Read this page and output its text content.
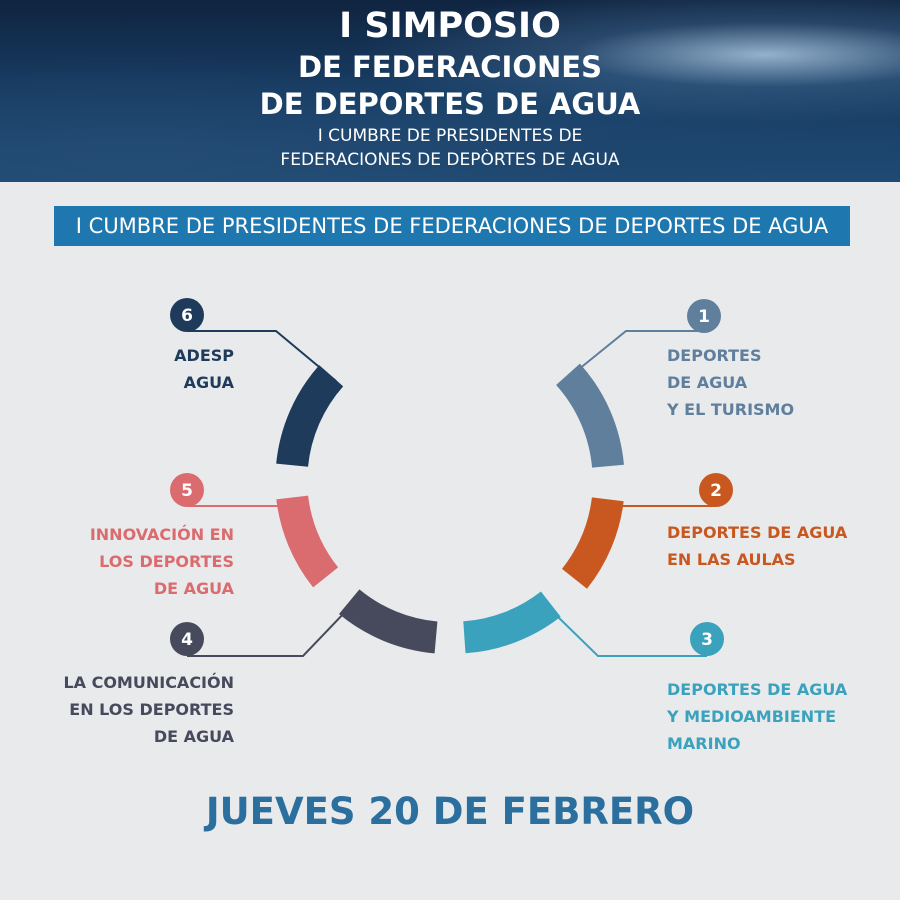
I SIMPOSIO
DE FEDERACIONES
DE DEPORTES DE AGUA
I CUMBRE DE PRESIDENTES DE
FEDERACIONES DE DEPÒRTES DE AGUA
I CUMBRE DE PRESIDENTES DE FEDERACIONES DE DEPORTES DE AGUA
1
2
3
4
5
6
DEPORTES
DE AGUA
Y EL TURISMO
DEPORTES DE AGUA
EN LAS AULAS
DEPORTES DE AGUA
Y MEDIOAMBIENTE
MARINO
LA COMUNICACIÓN
EN LOS DEPORTES
DE AGUA
INNOVACIÓN EN
LOS DEPORTES
DE AGUA
ADESP
AGUA
JUEVES 20 DE FEBRERO
